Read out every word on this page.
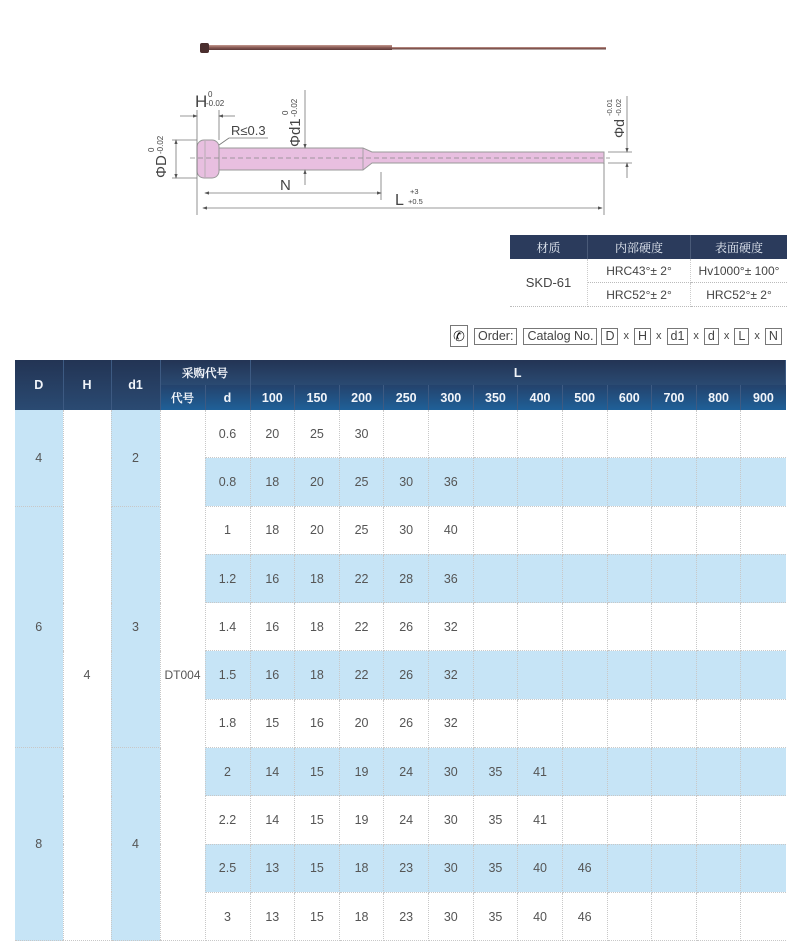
H 0
-0.02
R≤0.3
ΦD
0 -0.02	Φd1
0 -0.02
Φd
-0.01 -0.02
N
L
+3
+0.5
材质	内部硬度	表面硬度
SKD-61	HRC43°± 2°	Hv1000°± 100°
	HRC52°± 2°	HRC52°± 2°
✆	Order:	Catalog No. D x H x d1 x d x L x N
D	H	d1	采购代号		L											
			代号	d	100	150	200	250	300	350	400	500	600	700	800	900
4	4	2	DT004	0.6	20	25	30									
				0.8	18	20	25	30	36							
6		3		1	18	20	25	30	40							
				1.2	16	18	22	28	36							
				1.4	16	18	22	26	32							
				1.5	16	18	22	26	32							
				1.8	15	16	20	26	32							
8		4		2	14	15	19	24	30	35	41					
				2.2	14	15	19	24	30	35	41					
				2.5	13	15	18	23	30	35	40	46				
				3	13	15	18	23	30	35	40	46				
